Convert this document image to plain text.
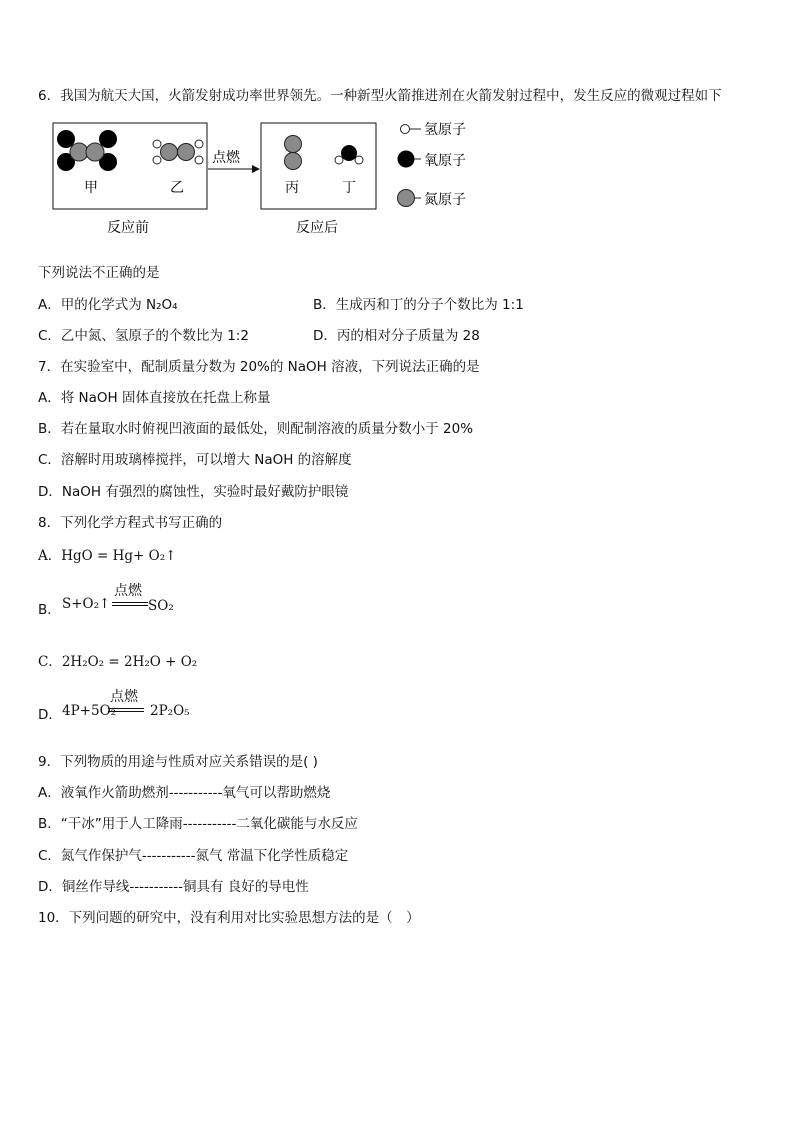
6．我国为航天大国，火箭发射成功率世界领先。一种新型火箭推进剂在火箭发射过程中，发生反应的微观过程如下
甲	乙
点燃
丙	丁
反应前	反应后
氢原子
氧原子
氮原子
下列说法不正确的是
A．甲的化学式为 N₂O₄	B．生成丙和丁的分子个数比为 1:1
C．乙中氮、氢原子的个数比为 1:2	D．丙的相对分子质量为 28
7．在实验室中，配制质量分数为 20%的 NaOH 溶液，下列说法正确的是
A．将 NaOH 固体直接放在托盘上称量
B．若在量取水时俯视凹液面的最低处，则配制溶液的质量分数小于 20%
C．溶解时用玻璃棒搅拌，可以增大 NaOH 的溶解度
D．NaOH 有强烈的腐蚀性，实验时最好戴防护眼镜
8．下列化学方程式书写正确的
A．HgO = Hg+ O₂↑
B． S+O₂↑
点燃
SO₂
C．2H₂O₂ = 2H₂O + O₂
D． 4P+5O₂
点燃
2P₂O₅
9．下列物质的用途与性质对应关系错误的是( )
A．液氧作火箭助燃剂-----------氧气可以帮助燃烧
B．“干冰”用于人工降雨-----------二氧化碳能与水反应
C．氮气作保护气-----------氮气 常温下化学性质稳定
D．铜丝作导线-----------铜具有 良好的导电性
10．下列问题的研究中，没有利用对比实验思想方法的是（　）
